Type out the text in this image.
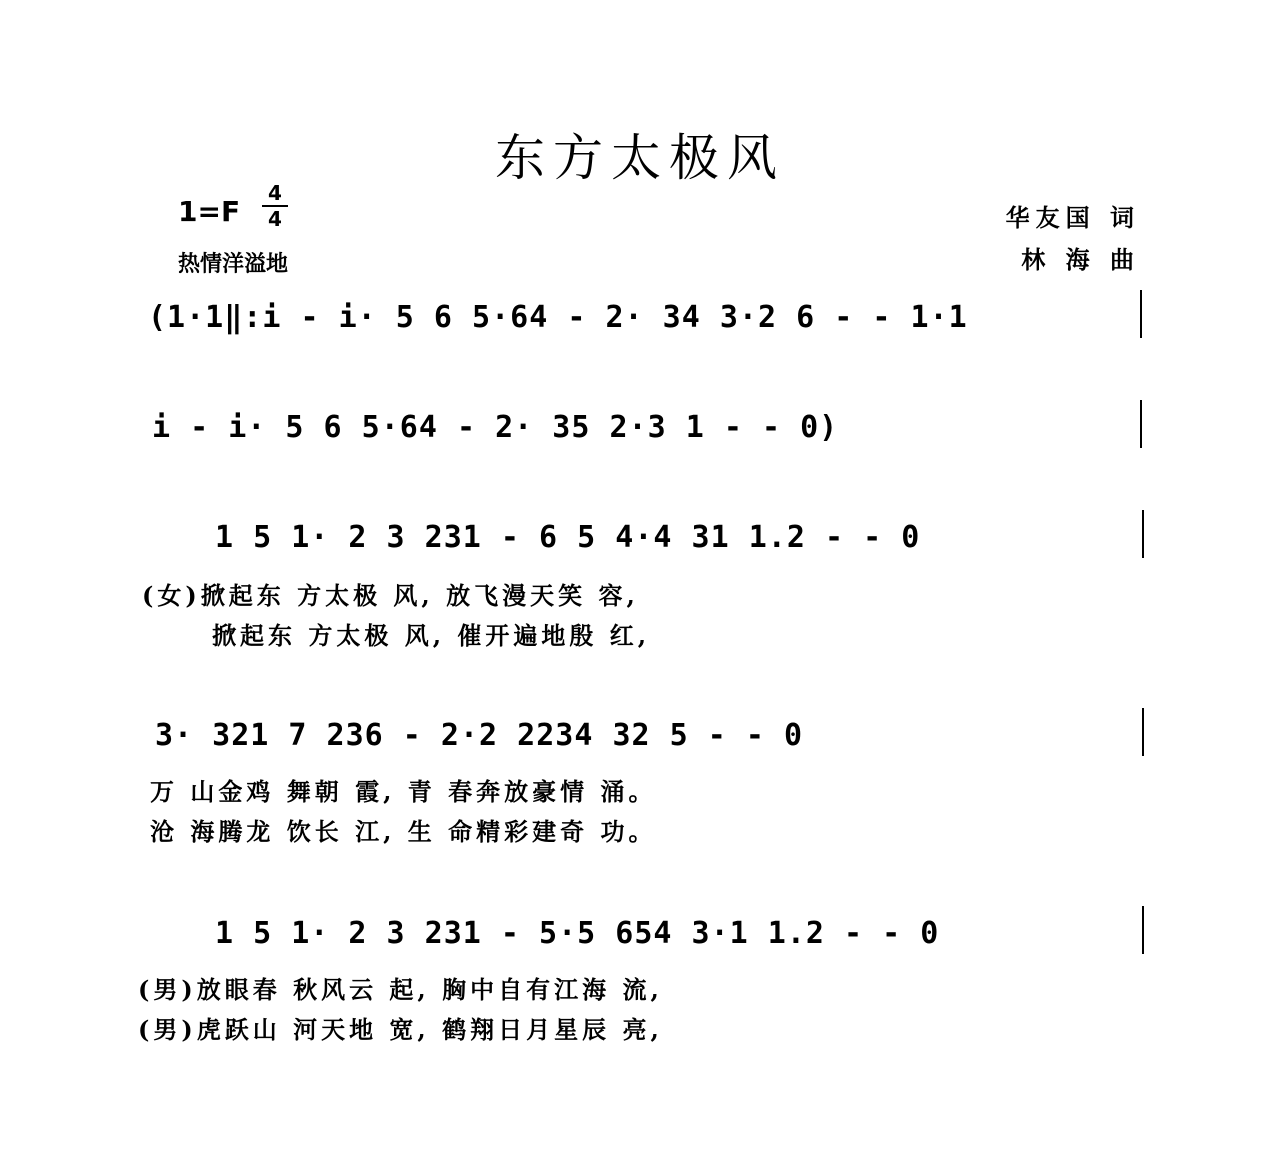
东方太极风
1=F
4
4
热情洋溢地
华友国 词
林 海 曲
(1·1‖:i - i· 5 6 5·64 - 2· 34 3·2 6 - - 1·1
i - i· 5 6 5·64 - 2· 35 2·3 1 - - 0)
1 5 1· 2 3 231 - 6 5 4·4 31 1.2 - - 0
(女)掀起东 方太极 风, 放飞漫天笑 容,
掀起东 方太极 风, 催开遍地殷 红,
3· 321 7 236 - 2·2 2234 32 5 - - 0
万 山金鸡 舞朝 霞, 青 春奔放豪情 涌。
沧 海腾龙 饮长 江, 生 命精彩建奇 功。
1 5 1· 2 3 231 - 5·5 654 3·1 1.2 - - 0
(男)放眼春 秋风云 起, 胸中自有江海 流,
(男)虎跃山 河天地 宽, 鹤翔日月星辰 亮,
